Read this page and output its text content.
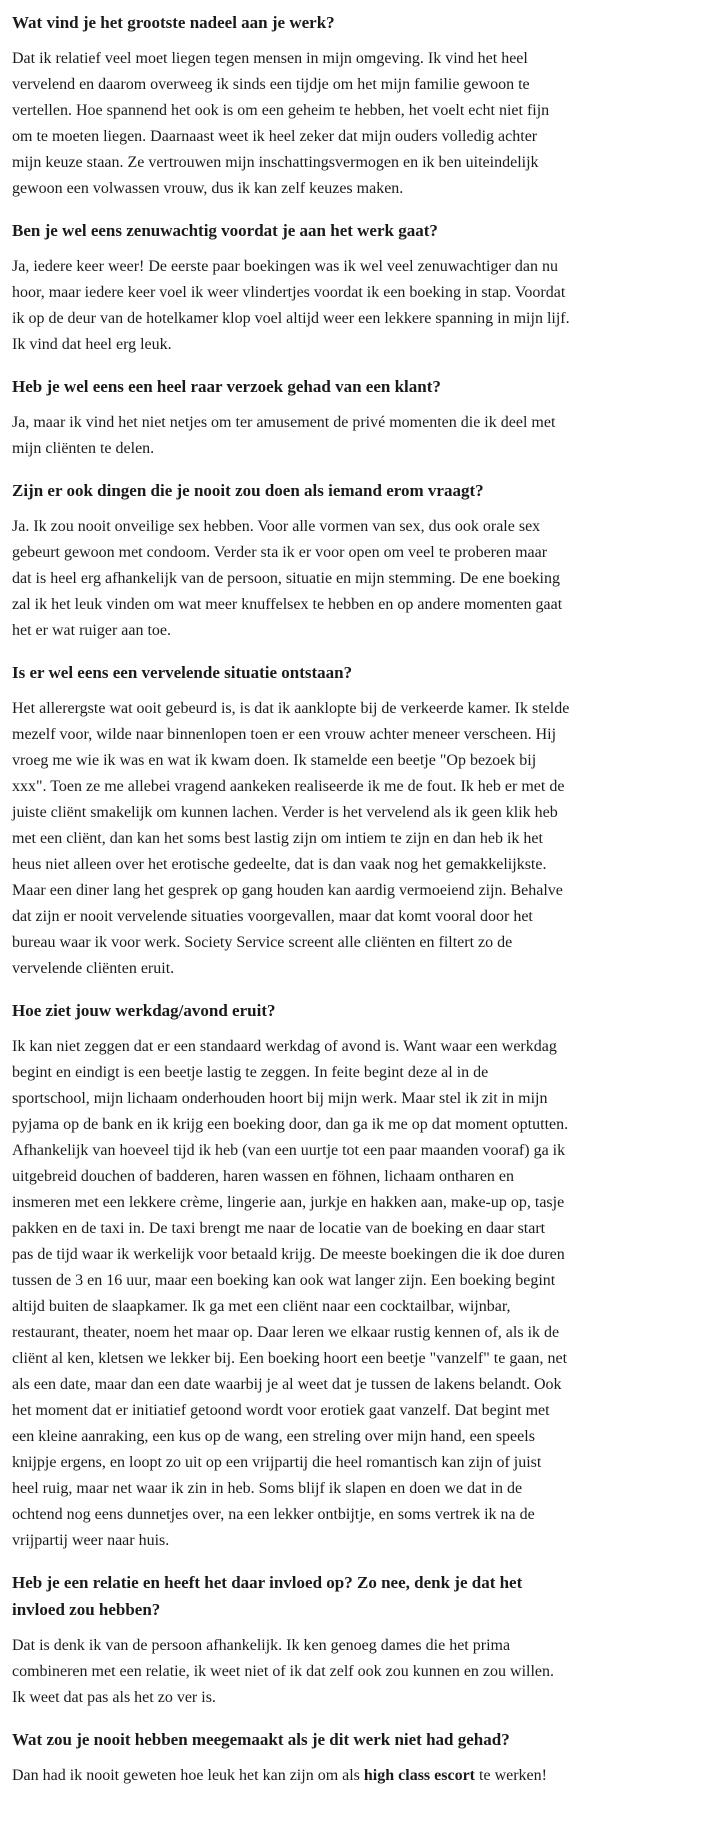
Wat vind je het grootste nadeel aan je werk?

Dat ik relatief veel moet liegen tegen mensen in mijn omgeving. Ik vind het heel vervelend en daarom overweeg ik sinds een tijdje om het mijn familie gewoon te vertellen. Hoe spannend het ook is om een geheim te hebben, het voelt echt niet fijn om te moeten liegen. Daarnaast weet ik heel zeker dat mijn ouders volledig achter mijn keuze staan. Ze vertrouwen mijn inschattingsvermogen en ik ben uiteindelijk gewoon een volwassen vrouw, dus ik kan zelf keuzes maken.

Ben je wel eens zenuwachtig voordat je aan het werk gaat?

Ja, iedere keer weer! De eerste paar boekingen was ik wel veel zenuwachtiger dan nu hoor, maar iedere keer voel ik weer vlindertjes voordat ik een boeking in stap. Voordat ik op de deur van de hotelkamer klop voel altijd weer een lekkere spanning in mijn lijf. Ik vind dat heel erg leuk.

Heb je wel eens een heel raar verzoek gehad van een klant?

Ja, maar ik vind het niet netjes om ter amusement de privé momenten die ik deel met mijn cliënten te delen.

Zijn er ook dingen die je nooit zou doen als iemand erom vraagt?

Ja. Ik zou nooit onveilige sex hebben. Voor alle vormen van sex, dus ook orale sex gebeurt gewoon met condoom. Verder sta ik er voor open om veel te proberen maar dat is heel erg afhankelijk van de persoon, situatie en mijn stemming. De ene boeking zal ik het leuk vinden om wat meer knuffelsex te hebben en op andere momenten gaat het er wat ruiger aan toe.

Is er wel eens een vervelende situatie ontstaan?

Het allerergste wat ooit gebeurd is, is dat ik aanklopte bij de verkeerde kamer. Ik stelde mezelf voor, wilde naar binnenlopen toen er een vrouw achter meneer verscheen. Hij vroeg me wie ik was en wat ik kwam doen. Ik stamelde een beetje "Op bezoek bij xxx". Toen ze me allebei vragend aankeken realiseerde ik me de fout. Ik heb er met de juiste cliënt smakelijk om kunnen lachen. Verder is het vervelend als ik geen klik heb met een cliënt, dan kan het soms best lastig zijn om intiem te zijn en dan heb ik het heus niet alleen over het erotische gedeelte, dat is dan vaak nog het gemakkelijkste. Maar een diner lang het gesprek op gang houden kan aardig vermoeiend zijn. Behalve dat zijn er nooit vervelende situaties voorgevallen, maar dat komt vooral door het bureau waar ik voor werk. Society Service screent alle cliënten en filtert zo de vervelende cliënten eruit.

Hoe ziet jouw werkdag/avond eruit?

Ik kan niet zeggen dat er een standaard werkdag of avond is. Want waar een werkdag begint en eindigt is een beetje lastig te zeggen. In feite begint deze al in de sportschool, mijn lichaam onderhouden hoort bij mijn werk. Maar stel ik zit in mijn pyjama op de bank en ik krijg een boeking door, dan ga ik me op dat moment optutten. Afhankelijk van hoeveel tijd ik heb (van een uurtje tot een paar maanden vooraf) ga ik uitgebreid douchen of badderen, haren wassen en föhnen, lichaam ontharen en insmeren met een lekkere crème, lingerie aan, jurkje en hakken aan, make-up op, tasje pakken en de taxi in. De taxi brengt me naar de locatie van de boeking en daar start pas de tijd waar ik werkelijk voor betaald krijg. De meeste boekingen die ik doe duren tussen de 3 en 16 uur, maar een boeking kan ook wat langer zijn. Een boeking begint altijd buiten de slaapkamer. Ik ga met een cliënt naar een cocktailbar, wijnbar, restaurant, theater, noem het maar op. Daar leren we elkaar rustig kennen of, als ik de cliënt al ken, kletsen we lekker bij. Een boeking hoort een beetje "vanzelf" te gaan, net als een date, maar dan een date waarbij je al weet dat je tussen de lakens belandt. Ook het moment dat er initiatief getoond wordt voor erotiek gaat vanzelf. Dat begint met een kleine aanraking, een kus op de wang, een streling over mijn hand, een speels knijpje ergens, en loopt zo uit op een vrijpartij die heel romantisch kan zijn of juist heel ruig, maar net waar ik zin in heb. Soms blijf ik slapen en doen we dat in de ochtend nog eens dunnetjes over, na een lekker ontbijtje, en soms vertrek ik na de vrijpartij weer naar huis.

Heb je een relatie en heeft het daar invloed op? Zo nee, denk je dat het invloed zou hebben?

Dat is denk ik van de persoon afhankelijk. Ik ken genoeg dames die het prima combineren met een relatie, ik weet niet of ik dat zelf ook zou kunnen en zou willen. Ik weet dat pas als het zo ver is.

Wat zou je nooit hebben meegemaakt als je dit werk niet had gehad?

Dan had ik nooit geweten hoe leuk het kan zijn om als high class escort te werken!
